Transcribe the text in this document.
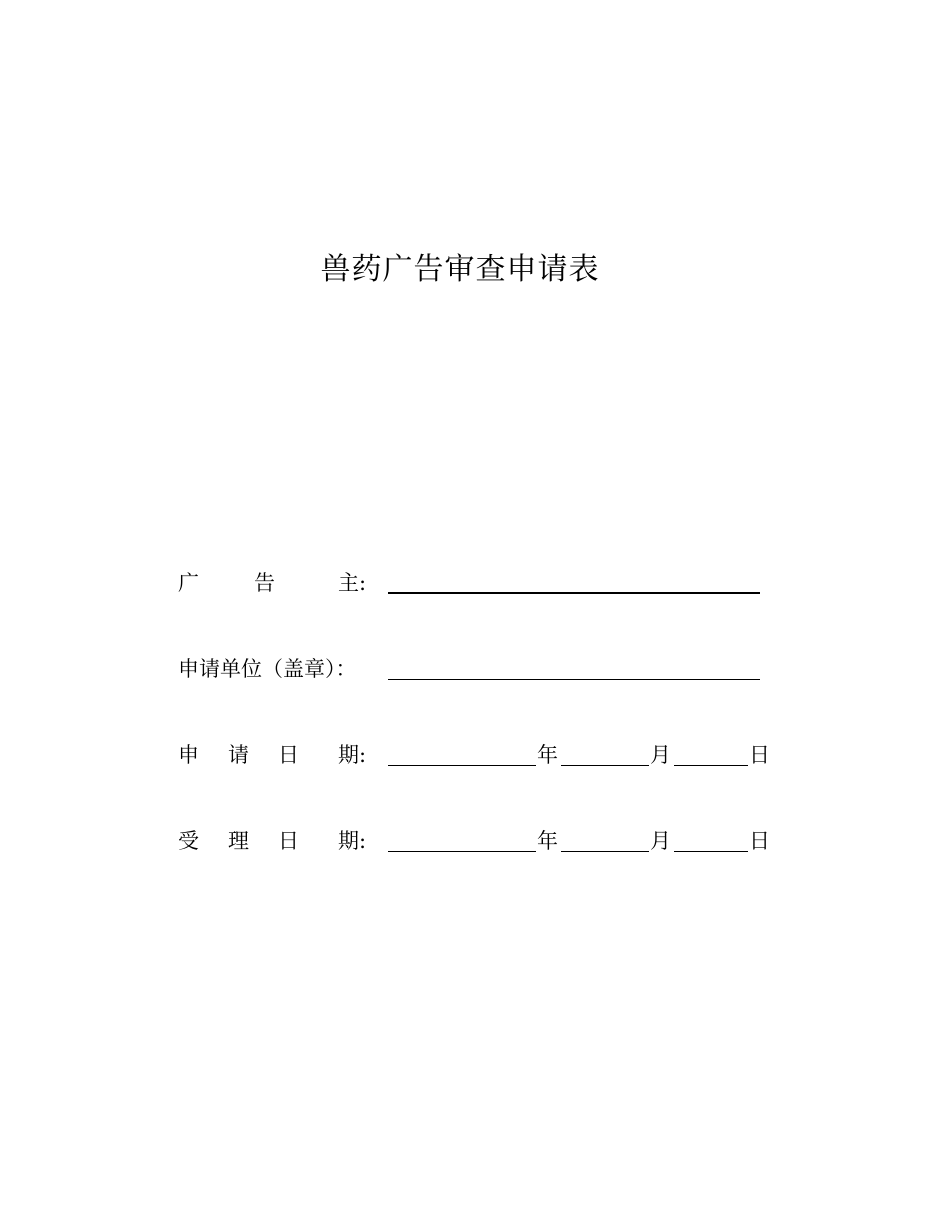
兽药广告审查申请表
广	告	主:
申请单位（盖章）：
申 请 日 期:	年	月	日
受 理 日 期:	年	月	日
